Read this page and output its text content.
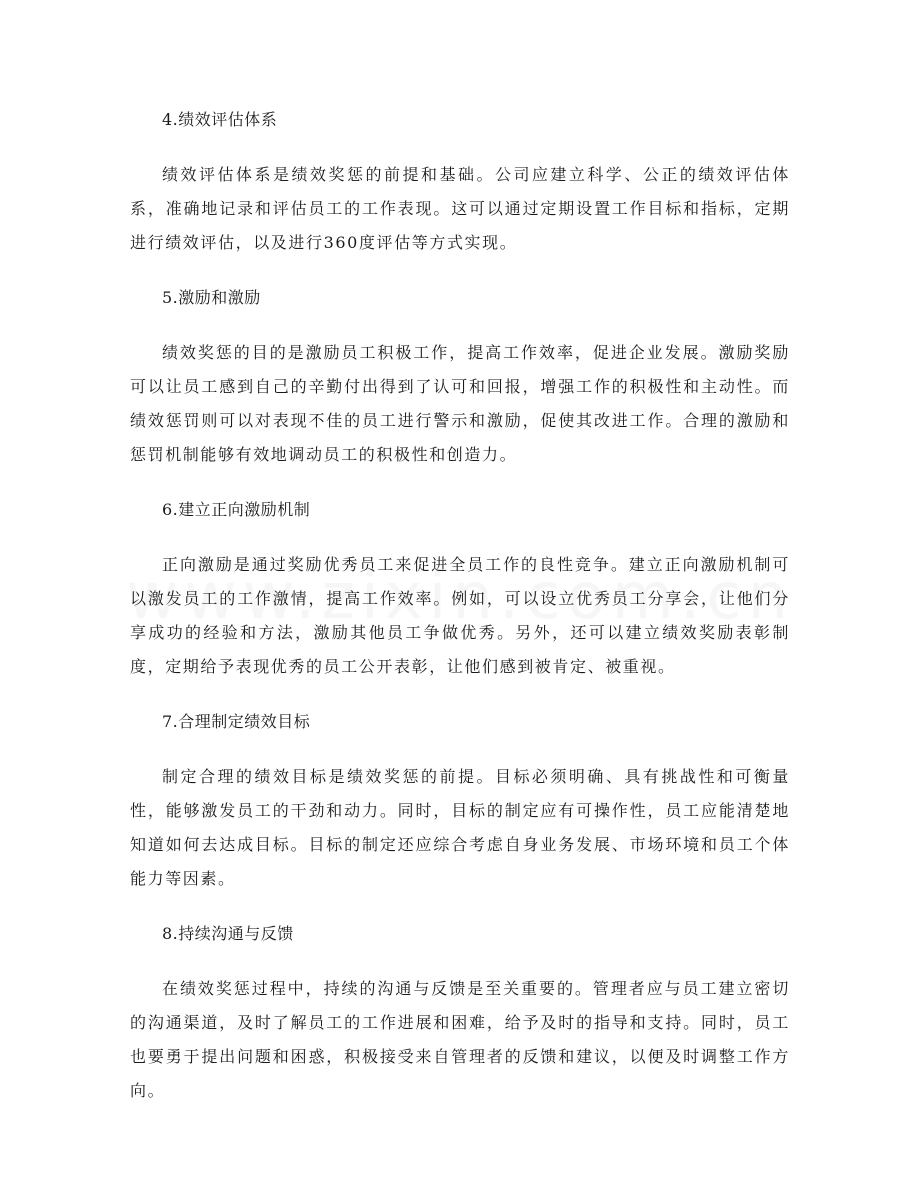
4.绩效评估体系

绩效评估体系是绩效奖惩的前提和基础。公司应建立科学、公正的绩效评估体系，准确地记录和评估员工的工作表现。这可以通过定期设置工作目标和指标，定期进行绩效评估，以及进行360度评估等方式实现。

5.激励和激励

绩效奖惩的目的是激励员工积极工作，提高工作效率，促进企业发展。激励奖励可以让员工感到自己的辛勤付出得到了认可和回报，增强工作的积极性和主动性。而绩效惩罚则可以对表现不佳的员工进行警示和激励，促使其改进工作。合理的激励和惩罚机制能够有效地调动员工的积极性和创造力。

6.建立正向激励机制

正向激励是通过奖励优秀员工来促进全员工作的良性竞争。建立正向激励机制可以激发员工的工作激情，提高工作效率。例如，可以设立优秀员工分享会，让他们分享成功的经验和方法，激励其他员工争做优秀。另外，还可以建立绩效奖励表彰制度，定期给予表现优秀的员工公开表彰，让他们感到被肯定、被重视。

7.合理制定绩效目标

制定合理的绩效目标是绩效奖惩的前提。目标必须明确、具有挑战性和可衡量性，能够激发员工的干劲和动力。同时，目标的制定应有可操作性，员工应能清楚地知道如何去达成目标。目标的制定还应综合考虑自身业务发展、市场环境和员工个体能力等因素。

8.持续沟通与反馈

在绩效奖惩过程中，持续的沟通与反馈是至关重要的。管理者应与员工建立密切的沟通渠道，及时了解员工的工作进展和困难，给予及时的指导和支持。同时，员工也要勇于提出问题和困惑，积极接受来自管理者的反馈和建议，以便及时调整工作方向。
